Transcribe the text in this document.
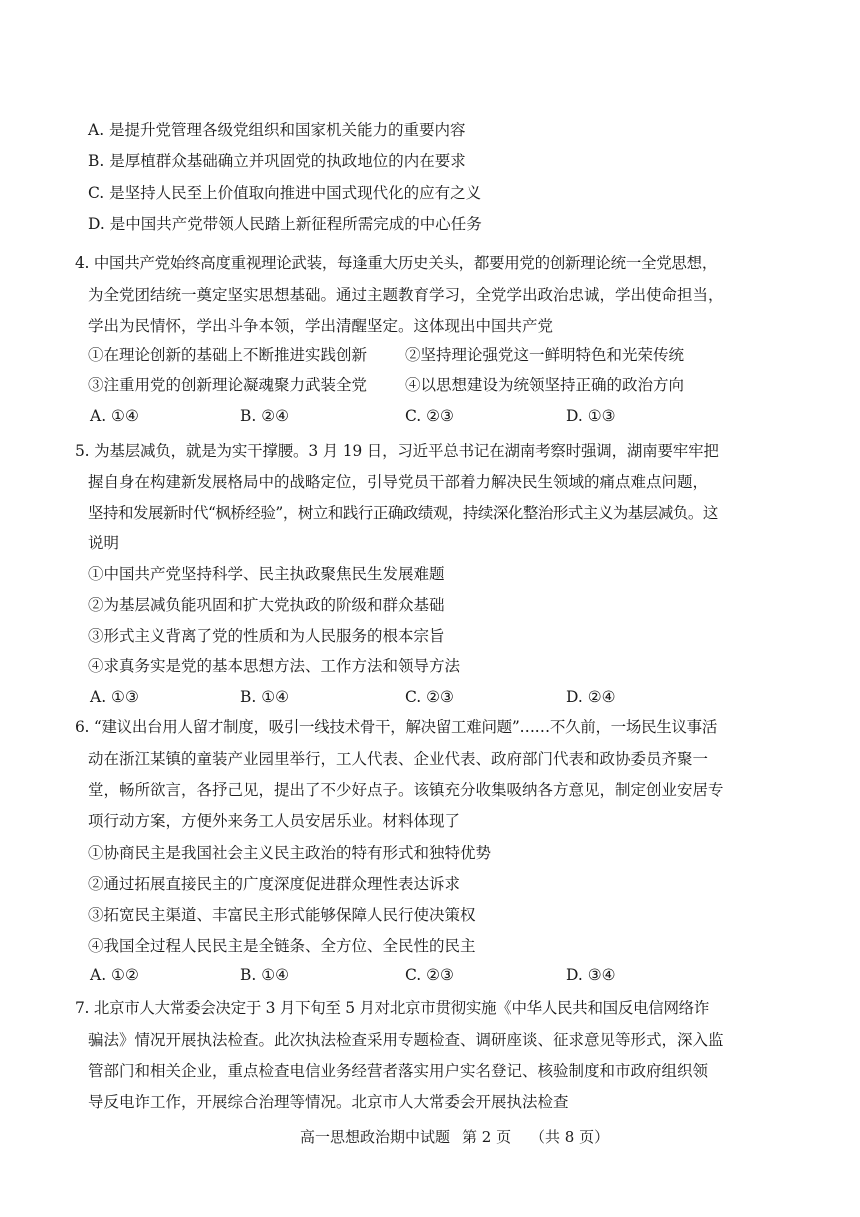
A. 是提升党管理各级党组织和国家机关能力的重要内容
B. 是厚植群众基础确立并巩固党的执政地位的内在要求
C. 是坚持人民至上价值取向推进中国式现代化的应有之义
D. 是中国共产党带领人民踏上新征程所需完成的中心任务
4. 中国共产党始终高度重视理论武装，每逢重大历史关头，都要用党的创新理论统一全党思想，
为全党团结统一奠定坚实思想基础。通过主题教育学习，全党学出政治忠诚，学出使命担当，
学出为民情怀，学出斗争本领，学出清醒坚定。这体现出中国共产党
①在理论创新的基础上不断推进实践创新 ②坚持理论强党这一鲜明特色和光荣传统
③注重用党的创新理论凝魂聚力武装全党 ④以思想建设为统领坚持正确的政治方向
A. ①④	B. ②④	C. ②③	D. ①③
5. 为基层减负，就是为实干撑腰。3 月 19 日，习近平总书记在湖南考察时强调，湖南要牢牢把
握自身在构建新发展格局中的战略定位，引导党员干部着力解决民生领域的痛点难点问题，
坚持和发展新时代“枫桥经验”，树立和践行正确政绩观，持续深化整治形式主义为基层减负。这
说明
①中国共产党坚持科学、民主执政聚焦民生发展难题
②为基层减负能巩固和扩大党执政的阶级和群众基础
③形式主义背离了党的性质和为人民服务的根本宗旨
④求真务实是党的基本思想方法、工作方法和领导方法
A. ①③	B. ①④	C. ②③	D. ②④
6. “建议出台用人留才制度，吸引一线技术骨干，解决留工难问题”……不久前，一场民生议事活
动在浙江某镇的童装产业园里举行，工人代表、企业代表、政府部门代表和政协委员齐聚一
堂，畅所欲言，各抒己见，提出了不少好点子。该镇充分收集吸纳各方意见，制定创业安居专
项行动方案，方便外来务工人员安居乐业。材料体现了
①协商民主是我国社会主义民主政治的特有形式和独特优势
②通过拓展直接民主的广度深度促进群众理性表达诉求
③拓宽民主渠道、丰富民主形式能够保障人民行使决策权
④我国全过程人民民主是全链条、全方位、全民性的民主
A. ①②	B. ①④	C. ②③	D. ③④
7. 北京市人大常委会决定于 3 月下旬至 5 月对北京市贯彻实施《中华人民共和国反电信网络诈
骗法》情况开展执法检查。此次执法检查采用专题检查、调研座谈、征求意见等形式，深入监
管部门和相关企业，重点检查电信业务经营者落实用户实名登记、核验制度和市政府组织领
导反电诈工作，开展综合治理等情况。北京市人大常委会开展执法检查
高一思想政治期中试题 第 2 页 （共 8 页）
